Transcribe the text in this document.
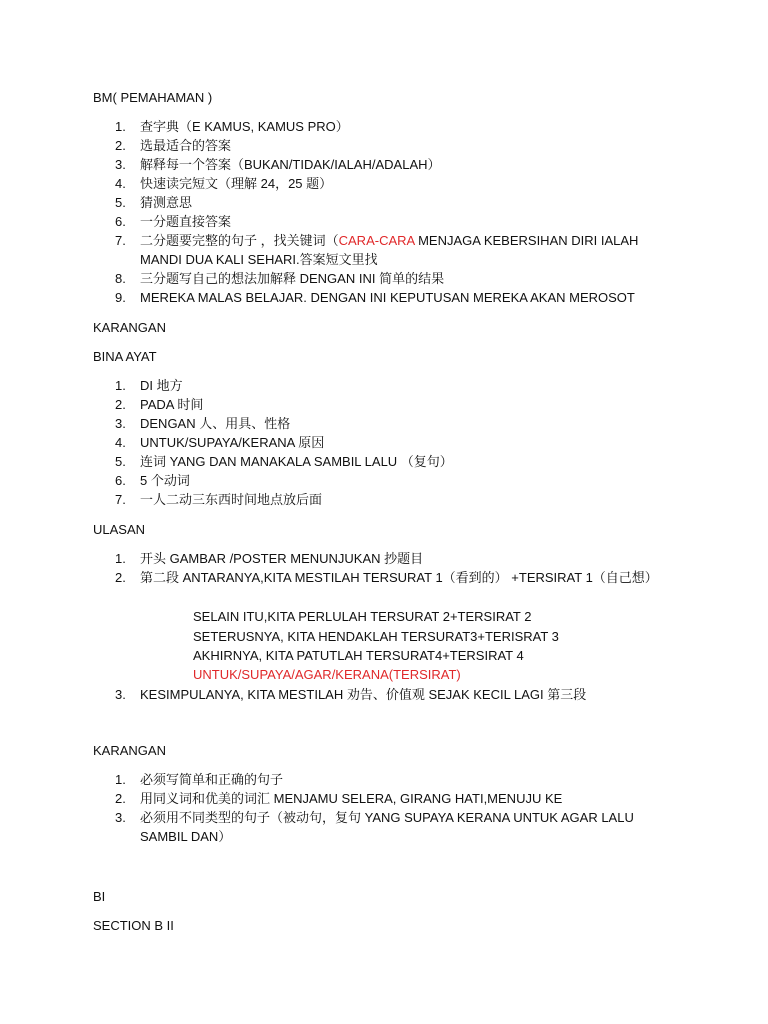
BM( PEMAHAMAN )
1. 查字典（E KAMUS, KAMUS PRO）
2. 选最适合的答案
3. 解释每一个答案（BUKAN/TIDAK/IALAH/ADALAH）
4. 快速读完短文（理解 24，25 题）
5. 猜测意思
6. 一分题直接答案
7. 二分题要完整的句子 ，找关键词（CARA-CARA MENJAGA KEBERSIHAN DIRI IALAH MANDI DUA KALI SEHARI.答案短文里找
8. 三分题写自己的想法加解释 DENGAN INI 简单的结果
9. MEREKA MALAS BELAJAR. DENGAN INI KEPUTUSAN MEREKA AKAN MEROSOT
KARANGAN
BINA AYAT
1. DI 地方
2. PADA 时间
3. DENGAN 人、用具、性格
4. UNTUK/SUPAYA/KERANA 原因
5. 连词 YANG DAN MANAKALA SAMBIL LALU （复句）
6. 5 个动词
7. 一人二动三东西时间地点放后面
ULASAN
1. 开头 GAMBAR /POSTER MENUNJUKAN 抄题目
2. 第二段 ANTARANYA,KITA MESTILAH TERSURAT 1（看到的） +TERSIRAT 1（自己想）
SELAIN ITU,KITA PERLULAH TERSURAT 2+TERSIRAT 2
SETERUSNYA, KITA HENDAKLAH TERSURAT3+TERISRAT 3
AKHIRNYA, KITA PATUTLAH TERSURAT4+TERSIRAT 4
UNTUK/SUPAYA/AGAR/KERANA(TERSIRAT)
3. KESIMPULANYA, KITA MESTILAH 劝告、价值观 SEJAK KECIL LAGI 第三段
KARANGAN
1. 必须写简单和正确的句子
2. 用同义词和优美的词汇 MENJAMU SELERA, GIRANG HATI,MENUJU KE
3. 必须用不同类型的句子（被动句，复句 YANG SUPAYA KERANA UNTUK AGAR LALU SAMBIL DAN）
BI
SECTION B II
